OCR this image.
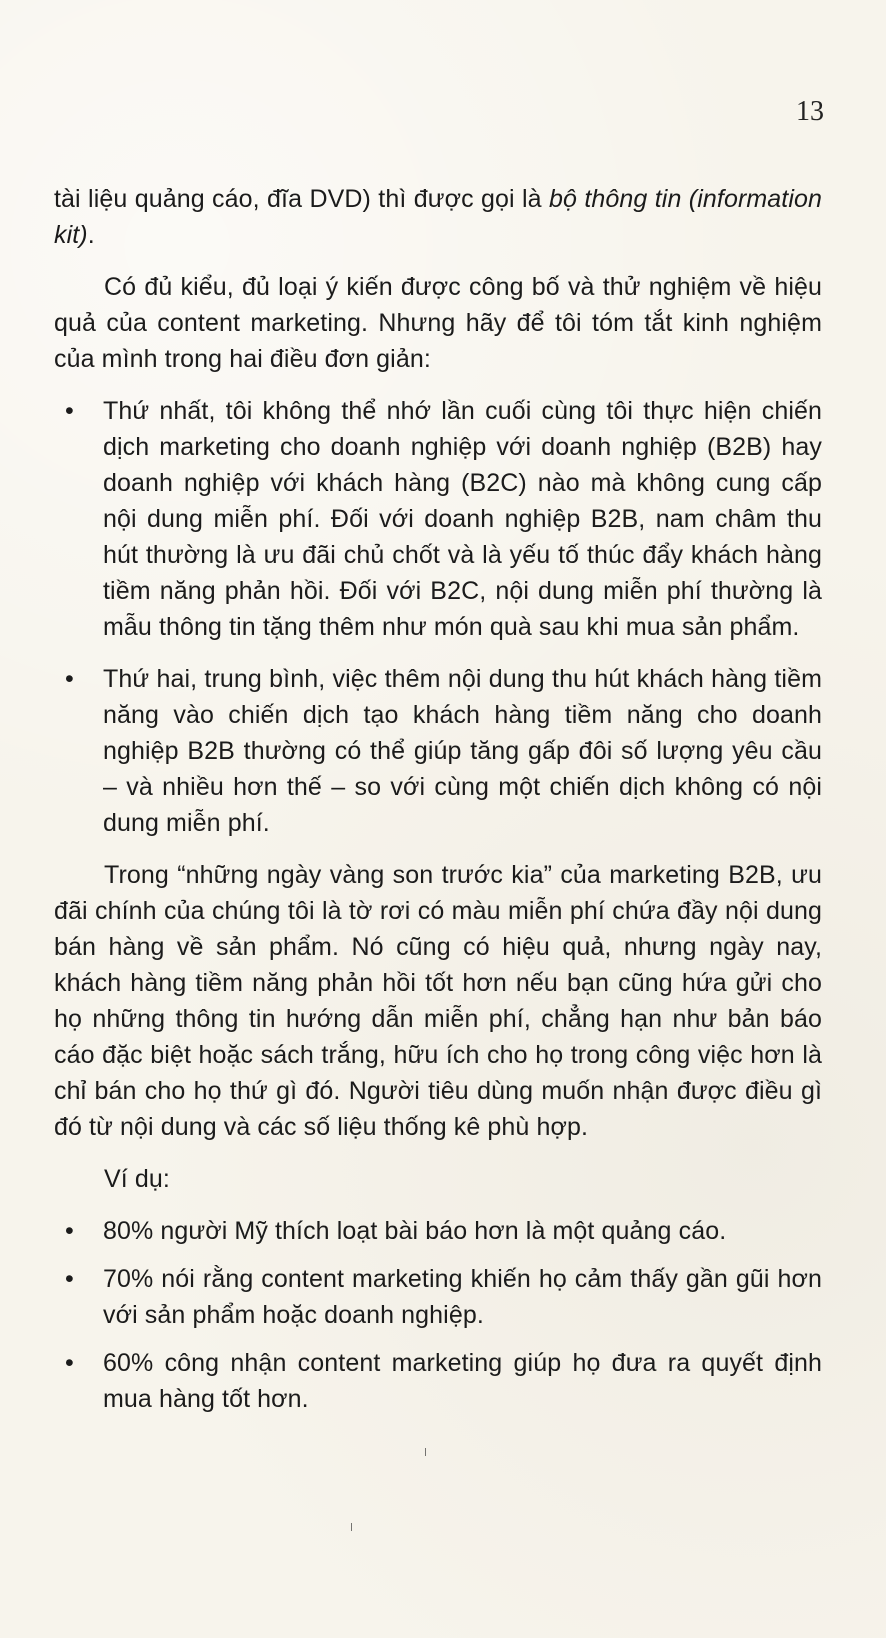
13

tài liệu quảng cáo, đĩa DVD) thì được gọi là bộ thông tin (information kit).

Có đủ kiểu, đủ loại ý kiến được công bố và thử nghiệm về hiệu quả của content marketing. Nhưng hãy để tôi tóm tắt kinh nghiệm của mình trong hai điều đơn giản:

• Thứ nhất, tôi không thể nhớ lần cuối cùng tôi thực hiện chiến dịch marketing cho doanh nghiệp với doanh nghiệp (B2B) hay doanh nghiệp với khách hàng (B2C) nào mà không cung cấp nội dung miễn phí. Đối với doanh nghiệp B2B, nam châm thu hút thường là ưu đãi chủ chốt và là yếu tố thúc đẩy khách hàng tiềm năng phản hồi. Đối với B2C, nội dung miễn phí thường là mẫu thông tin tặng thêm như món quà sau khi mua sản phẩm.

• Thứ hai, trung bình, việc thêm nội dung thu hút khách hàng tiềm năng vào chiến dịch tạo khách hàng tiềm năng cho doanh nghiệp B2B thường có thể giúp tăng gấp đôi số lượng yêu cầu – và nhiều hơn thế – so với cùng một chiến dịch không có nội dung miễn phí.

Trong “những ngày vàng son trước kia” của marketing B2B, ưu đãi chính của chúng tôi là tờ rơi có màu miễn phí chứa đầy nội dung bán hàng về sản phẩm. Nó cũng có hiệu quả, nhưng ngày nay, khách hàng tiềm năng phản hồi tốt hơn nếu bạn cũng hứa gửi cho họ những thông tin hướng dẫn miễn phí, chẳng hạn như bản báo cáo đặc biệt hoặc sách trắng, hữu ích cho họ trong công việc hơn là chỉ bán cho họ thứ gì đó. Người tiêu dùng muốn nhận được điều gì đó từ nội dung và các số liệu thống kê phù hợp.

Ví dụ:

• 80% người Mỹ thích loạt bài báo hơn là một quảng cáo.

• 70% nói rằng content marketing khiến họ cảm thấy gần gũi hơn với sản phẩm hoặc doanh nghiệp.

• 60% công nhận content marketing giúp họ đưa ra quyết định mua hàng tốt hơn.
